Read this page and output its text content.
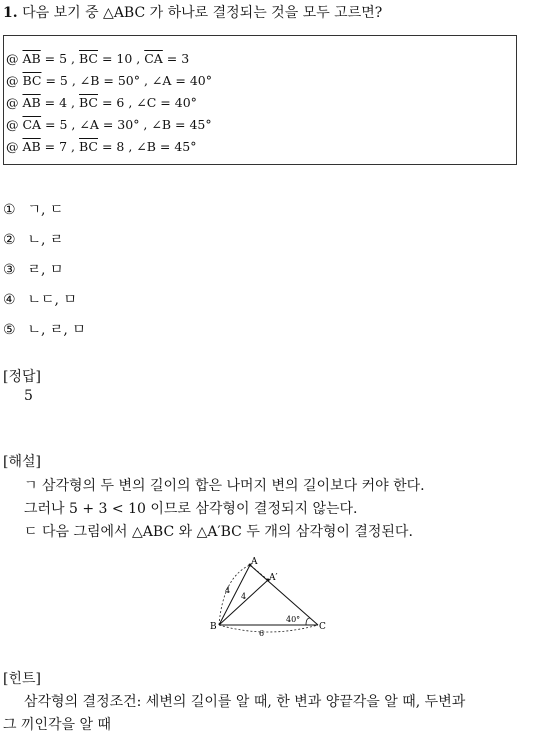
1. 다음 보기 중 △ABC 가 하나로 결정되는 것을 모두 고르면?
@ $\overline{AB} = 5$ , $\overline{BC} = 10$ , $\overline{CA} = 3$
@ $\overline{BC} = 5$ , ∠B = 50° , ∠A = 40°
@ $\overline{AB} = 4$ , $\overline{BC} = 6$ , ∠C = 40°
@ $\overline{CA} = 5$ , ∠A = 30° , ∠B = 45°
@ $\overline{AB} = 7$ , $\overline{BC} = 8$ , ∠B = 45°
① ㄱ, ㄷ
② ㄴ, ㄹ
③ ㄹ, ㅁ
④ ㄴㄷ, ㅁ
⑤ ㄴ, ㄹ, ㅁ
[정답]
5
[해설]
ㄱ 삼각형의 두 변의 길이의 합은 나머지 변의 길이보다 커야 한다.
그러나 5 + 3 < 10 이므로 삼각형이 결정되지 않는다.
ㄷ 다음 그림에서 △ABC 와 △A′BC 두 개의 삼각형이 결정된다.
A
A′
B	C
4
4
6
40°
[힌트]
삼각형의 결정조건: 세변의 길이를 알 때, 한 변과 양끝각을 알 때, 두변과
그 끼인각을 알 때
